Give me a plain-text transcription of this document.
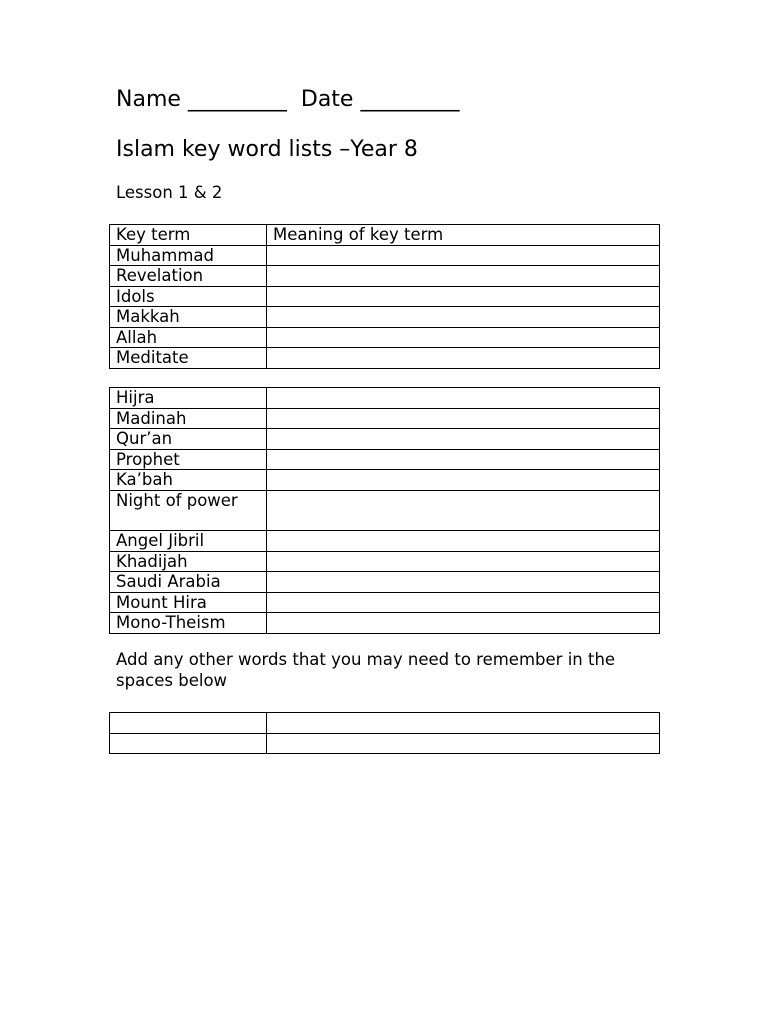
Name _________  Date _________
Islam key word lists –Year 8
Lesson 1 & 2
Key term	Meaning of key term
Muhammad	
Revelation	
Idols	
Makkah	
Allah	
Meditate	
Hijra	
Madinah	
Qur’an	
Prophet	
Ka’bah	
Night of power	
Angel Jibril	
Khadijah	
Saudi Arabia	
Mount Hira	
Mono-Theism	
Add any other words that you may need to remember in the spaces below
